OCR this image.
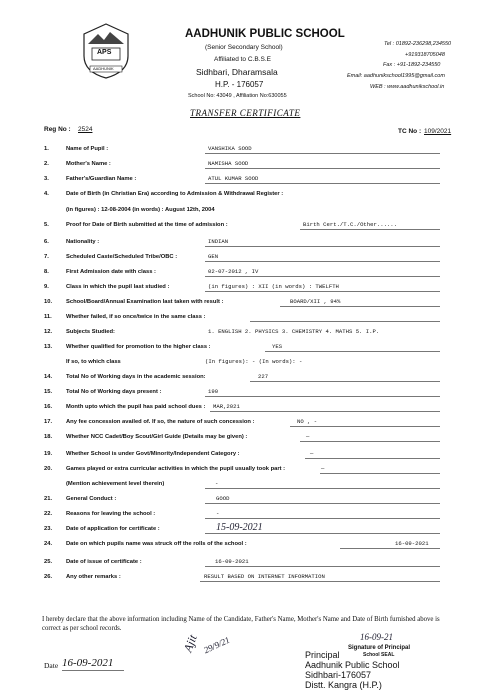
APS
AADHUNIK
AADHUNIK PUBLIC SCHOOL
(Senior Secondary School)
Affiliated to C.B.S.E
Sidhbari, Dharamsala
H.P. - 176057
School No: 43049 , Affiliation No:630055
Tel : 01892-236298,234550
+919318705048
Fax : +91-1892-234550
Email: aadhunikschool1995@gmail.com
WEB : www.aadhunikschool.in
TRANSFER CERTIFICATE
Reg No : 2524	TC No : 109/2021
1.	Name of Pupil :	VANSHIKA SOOD
2.	Mother's Name :	NAMISHA SOOD
3.	Father's/Guardian Name :	ATUL KUMAR SOOD
4.	Date of Birth (in Christian Era) according to Admission & Withdrawal Register :
(in figures) : 12-08-2004 (in words) : August 12th, 2004
5.	Proof for Date of Birth submitted at the time of admission :	Birth Cert./T.C./Other......
6.	Nationality :	INDIAN
7.	Scheduled Caste/Scheduled Tribe/OBC :	GEN
8.	First Admission date with class :	02-07-2012 , IV
9.	Class in which the pupil last studied :	(in figures) : XII (in words) : TWELFTH
10. School/Board/Annual Examination last taken with result :	BOARD/XII , 94%
11. Whether failed, if so once/twice in the same class :
12. Subjects Studied:	1. ENGLISH 2. PHYSICS 3. CHEMISTRY 4. MATHS 5. I.P.
13. Whether qualified for promotion to the higher class :	YES
If so, to which class	(In figures): - (In words): -
14. Total No of Working days in the academic session:	227
15. Total No of Working days present :	190
16. Month upto which the pupil has paid school dues : MAR,2021
17. Any fee concession availed of. If so, the nature of such concession :	NO , -
18. Whether NCC Cadet/Boy Scout/Girl Guide (Details may be given) :	—
19. Whether School is under Govt/Minority/Independent Category :	—
20. Games played or extra curricular activities in which the pupil usually took part :	—
(Mention achievement level therein)	-
21. General Conduct :	GOOD
22. Reasons for leaving the school :	-
23. Date of application for certificate :	15-09-2021
24. Date on which pupils name was struck off the rolls of the school :	16-09-2021
25. Date of issue of certificate :	16-09-2021
26. Any other remarks :	RESULT BASED ON INTERNET INFORMATION
I hereby declare that the above information including Name of the Candidate, Father's Name, Mother's Name and Date of Birth furnished above is correct as per school records.
Date 16-09-2021
Ajit 29/9/21	16-09-21
Signature of Principal
Principal	School SEAL
Aadhunik Public School
Sidhbari-176057
Distt. Kangra (H.P.)
